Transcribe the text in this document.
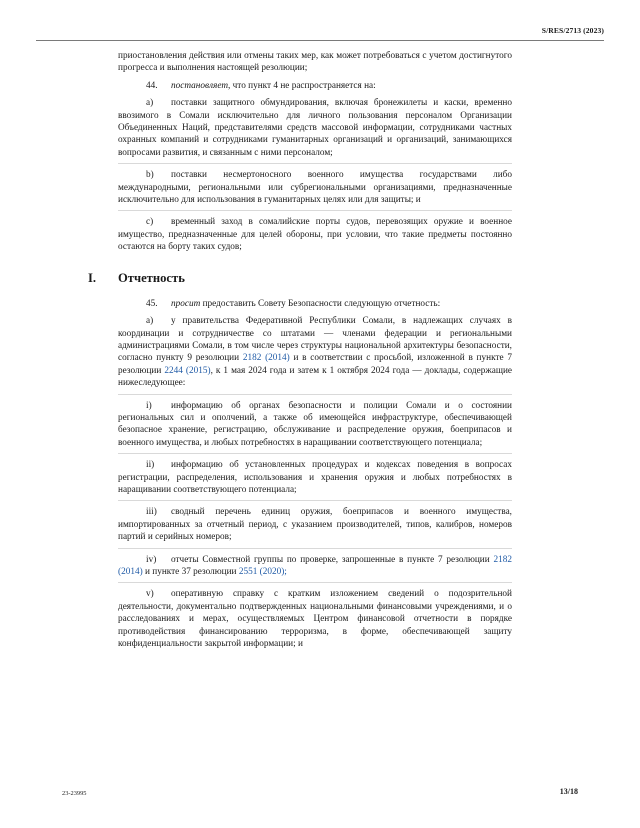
S/RES/2713 (2023)

приостановления действия или отмены таких мер, как может потребоваться с учетом достигнутого прогресса и выполнения настоящей резолюции;

44. постановляет, что пункт 4 не распространяется на:

a) поставки защитного обмундирования, включая бронежилеты и каски, временно ввозимого в Сомали исключительно для личного пользования персоналом Организации Объединенных Наций, представителями средств массовой информации, сотрудниками частных охранных компаний и сотрудниками гуманитарных организаций и организаций, занимающихся вопросами развития, и связанным с ними персоналом;

b) поставки несмертоносного военного имущества государствами либо международными, региональными или субрегиональными организациями, предназначенные исключительно для использования в гуманитарных целях или для защиты; и

c) временный заход в сомалийские порты судов, перевозящих оружие и военное имущество, предназначенные для целей обороны, при условии, что такие предметы постоянно остаются на борту таких судов;

I. Отчетность

45. просит предоставить Совету Безопасности следующую отчетность:

a) у правительства Федеративной Республики Сомали, в надлежащих случаях в координации и сотрудничестве со штатами — членами федерации и региональными администрациями Сомали, в том числе через структуры национальной архитектуры безопасности, согласно пункту 9 резолюции 2182 (2014) и в соответствии с просьбой, изложенной в пункте 7 резолюции 2244 (2015), к 1 мая 2024 года и затем к 1 октября 2024 года — доклады, содержащие нижеследующее:

i) информацию об органах безопасности и полиции Сомали и о состоянии региональных сил и ополчений, а также об имеющейся инфраструктуре, обеспечивающей безопасное хранение, регистрацию, обслуживание и распределение оружия, боеприпасов и военного имущества, и любых потребностях в наращивании соответствующего потенциала;

ii) информацию об установленных процедурах и кодексах поведения в вопросах регистрации, распределения, использования и хранения оружия и любых потребностях в наращивании соответствующего потенциала;

iii) сводный перечень единиц оружия, боеприпасов и военного имущества, импортированных за отчетный период, с указанием производителей, типов, калибров, номеров партий и серийных номеров;

iv) отчеты Совместной группы по проверке, запрошенные в пункте 7 резолюции 2182 (2014) и пункте 37 резолюции 2551 (2020);

v) оперативную справку с кратким изложением сведений о подозрительной деятельности, документально подтвержденных национальными финансовыми учреждениями, и о расследованиях и мерах, осуществляемых Центром финансовой отчетности в порядке противодействия финансированию терроризма, в форме, обеспечивающей защиту конфиденциальности закрытой информации; и

23-23995	13/18
